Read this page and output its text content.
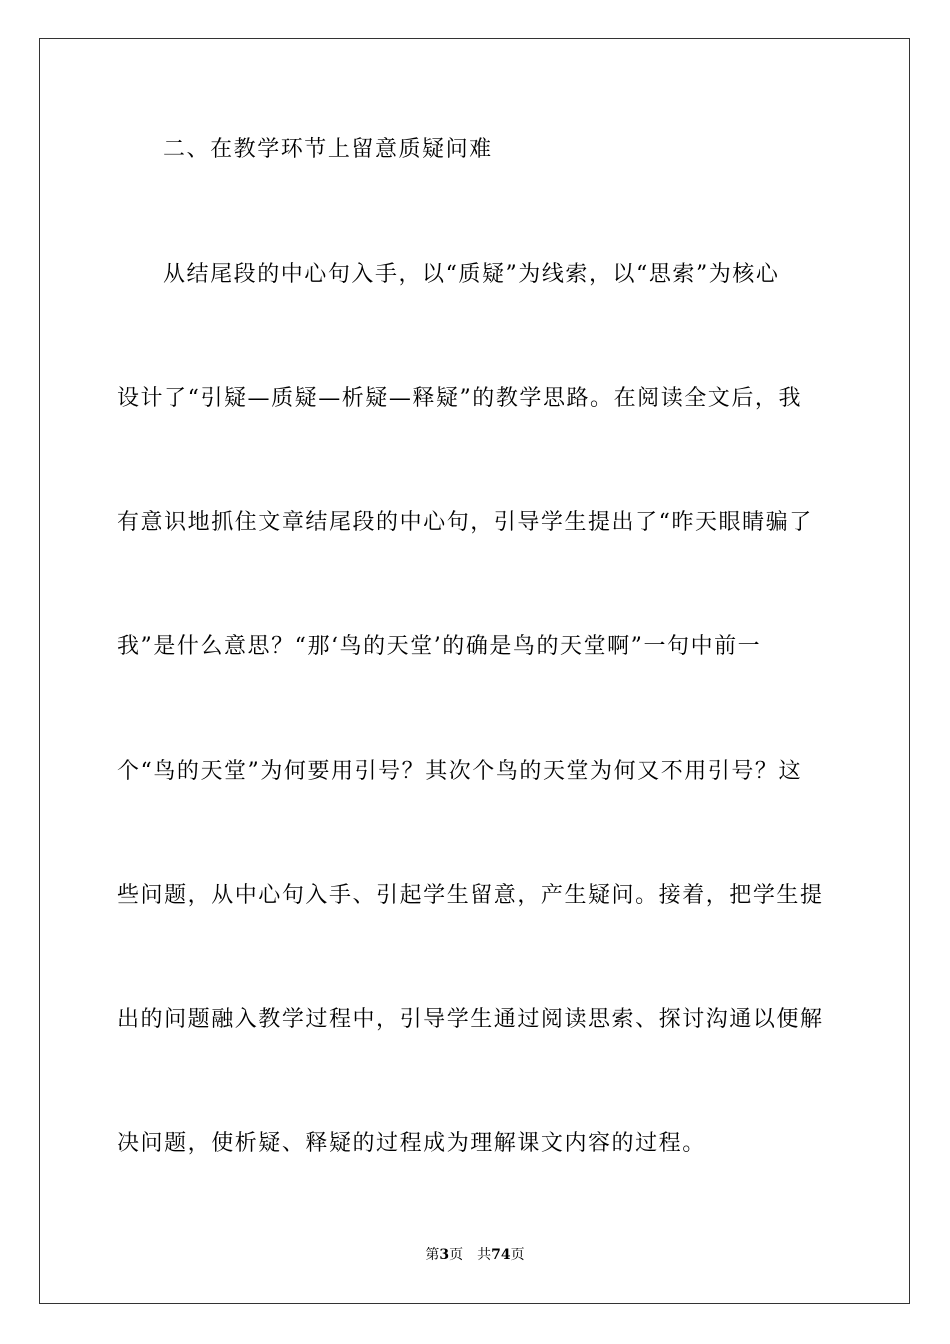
二、在教学环节上留意质疑问难
从结尾段的中心句入手，以“质疑”为线索，以“思索”为核心
设计了“引疑—质疑—析疑—释疑”的教学思路。在阅读全文后，我
有意识地抓住文章结尾段的中心句，引导学生提出了“昨天眼睛骗了
我”是什么意思？“那‘鸟的天堂’的确是鸟的天堂啊”一句中前一
个“鸟的天堂”为何要用引号？其次个鸟的天堂为何又不用引号？这
些问题，从中心句入手、引起学生留意，产生疑问。接着，把学生提
出的问题融入教学过程中，引导学生通过阅读思索、探讨沟通以便解
决问题，使析疑、释疑的过程成为理解课文内容的过程。
第3页 共74页
